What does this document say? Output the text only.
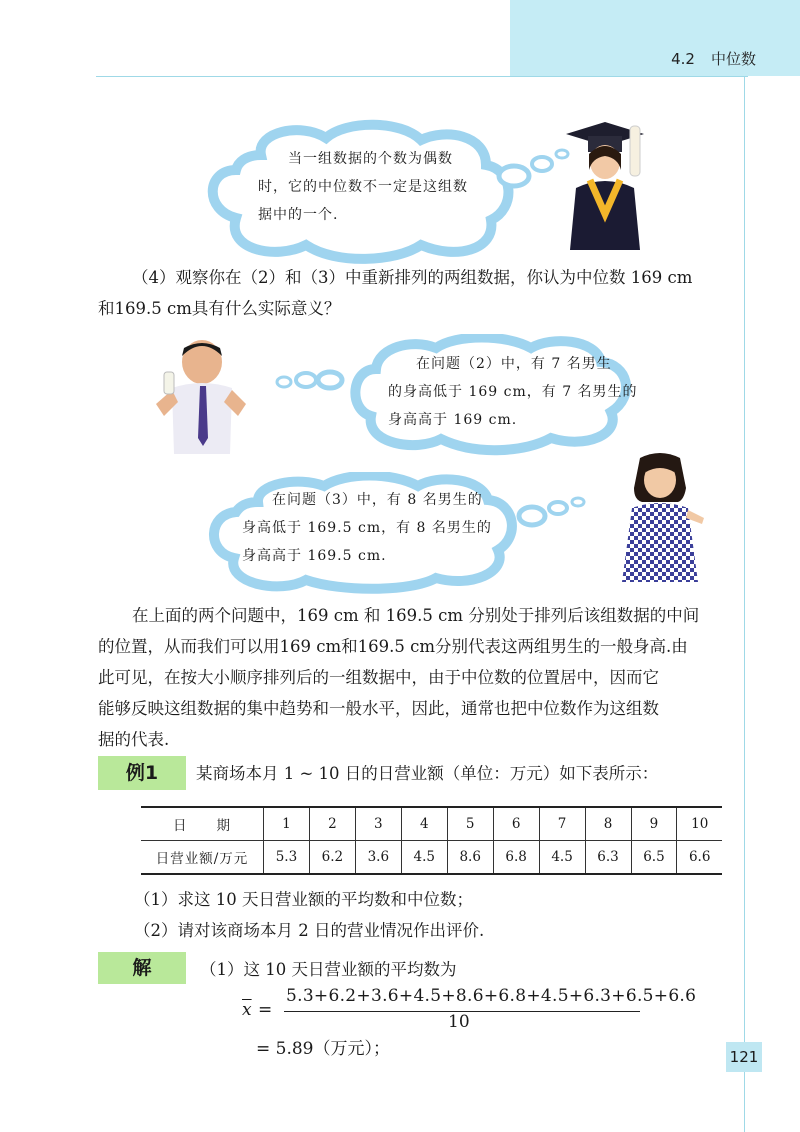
4.2 中位数
当一组数据的个数为偶数
时，它的中位数不一定是这组数
据中的一个.
（4）观察你在（2）和（3）中重新排列的两组数据，你认为中位数 169 cm
和169.5 cm具有什么实际意义？
在问题（2）中，有 7 名男生
的身高低于 169 cm，有 7 名男生的
身高高于 169 cm.
在问题（3）中，有 8 名男生的
身高低于 169.5 cm，有 8 名男生的
身高高于 169.5 cm.
在上面的两个问题中，169 cm 和 169.5 cm 分别处于排列后该组数据的中间
的位置，从而我们可以用169 cm和169.5 cm分别代表这两组男生的一般身高.由
此可见，在按大小顺序排列后的一组数据中，由于中位数的位置居中，因而它
能够反映这组数据的集中趋势和一般水平，因此，通常也把中位数作为这组数
据的代表.
例1	某商场本月 1 ~ 10 日的日营业额（单位：万元）如下表所示：
日　　期	1	2	3	4	5	6	7	8	9	10
日营业额/万元	5.3	6.2	3.6	4.5	8.6	6.8	4.5	6.3	6.5	6.6
（1）求这 10 天日营业额的平均数和中位数；
（2）请对该商场本月 2 日的营业情况作出评价.
解	（1）这 10 天日营业额的平均数为
$\overline{x}$ =
5.3+6.2+3.6+4.5+8.6+6.8+4.5+6.3+6.5+6.6
10
= 5.89（万元）；	121
